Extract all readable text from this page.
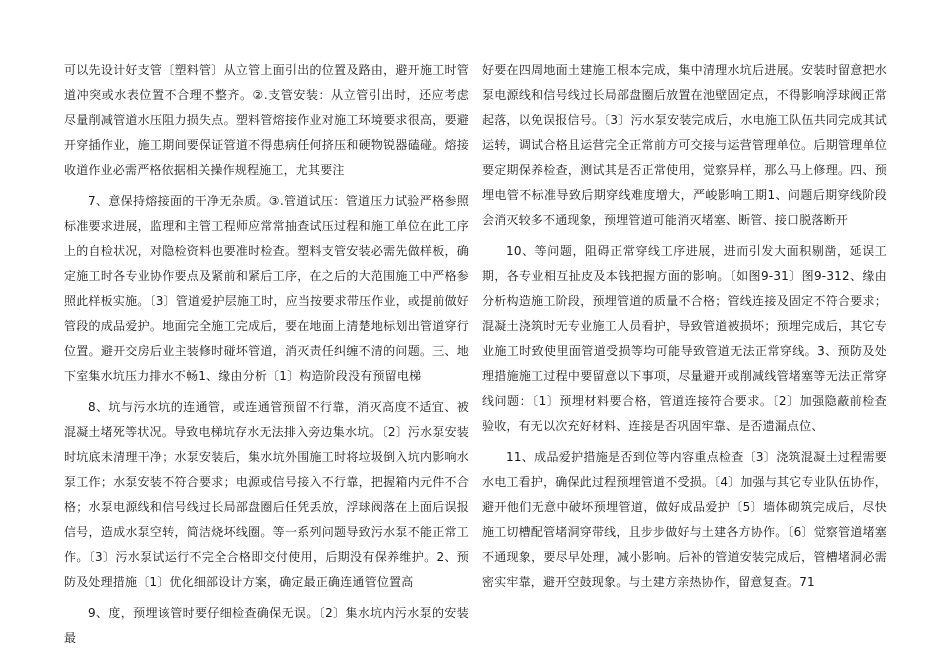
可以先设计好支管〔塑料管〕从立管上面引出的位置及路由，避开施工时管道冲突或水表位置不合理不整齐。②.支管安装：从立管引出时，还应考虑尽量削减管道水压阻力损失点。塑料管熔接作业对施工环境要求很高，要避开穿插作业，施工期间要保证管道不得患病任何挤压和硬物锐器磕碰。熔接收道作业必需严格依据相关操作规程施工，尤其要注

7、意保持熔接面的干净无杂质。③.管道试压：管道压力试验严格参照标准要求进展，监理和主管工程师应常常抽查试压过程和施工单位在此工序上的自检状况，对隐检资料也要准时检查。塑料支管安装必需先做样板，确定施工时各专业协作要点及紧前和紧后工序，在之后的大范围施工中严格参照此样板实施。〔3〕管道爱护层施工时，应当按要求带压作业，或提前做好管段的成品爱护。地面完全施工完成后，要在地面上清楚地标划出管道穿行位置。避开交房后业主装修时碰坏管道，消灭责任纠缠不清的问题。三、地下室集水坑压力排水不畅1、缘由分析〔1〕构造阶段没有预留电梯

8、坑与污水坑的连通管，或连通管预留不行靠，消灭高度不适宜、被混凝土堵死等状况。导致电梯坑存水无法排入旁边集水坑。〔2〕污水泵安装时坑底未清理干净；水泵安装后，集水坑外围施工时将垃圾倒入坑内影响水泵工作；水泵安装不符合要求；电源或信号接入不行靠，把握箱内元件不合格；水泵电源线和信号线过长局部盘圈后任凭丢放，浮球阀落在上面后误报信号，造成水泵空转，简洁烧坏线圈。等一系列问题导致污水泵不能正常工作。〔3〕污水泵试运行不完全合格即交付使用，后期没有保养维护。2、预防及处理措施〔1〕优化细部设计方案，确定最正确连通管位置高

9、度，预埋该管时要仔细检查确保无误。〔2〕集水坑内污水泵的安装最

好要在四周地面土建施工根本完成，集中清理水坑后进展。安装时留意把水泵电源线和信号线过长局部盘圈后放置在池壁固定点，不得影响浮球阀正常起落，以免误报信号。〔3〕污水泵安装完成后，水电施工队伍共同完成其试运转，调试合格且运营完全正常前方可交接与运营管理单位。后期管理单位要定期保养检查，测试其是否正常使用，觉察异样，那么马上修理。四、预埋电管不标准导致后期穿线难度增大，严峻影响工期1、问题后期穿线阶段会消灭较多不通现象，预埋管道可能消灭堵塞、断管、接口脱落断开

10、等问题，阻碍正常穿线工序进展，进而引发大面积剔凿，延误工期，各专业相互扯皮及本钱把握方面的影响。〔如图9-31〕图9-312、缘由分析构造施工阶段，预埋管道的质量不合格；管线连接及固定不符合要求；混凝土浇筑时无专业施工人员看护，导致管道被损坏；预埋完成后，其它专业施工时致使里面管道受损等均可能导致管道无法正常穿线。3、预防及处理措施施工过程中要留意以下事项，尽量避开或削减线管堵塞等无法正常穿线问题：〔1〕预埋材料要合格，管道连接符合要求。〔2〕加强隐蔽前检查验收，有无以次充好材料、连接是否巩固牢靠、是否遗漏点位、

11、成品爱护措施是否到位等内容重点检查〔3〕浇筑混凝土过程需要水电工看护，确保此过程预埋管道不受损。〔4〕加强与其它专业队伍协作，避开他们无意中破坏预埋管道，做好成品爱护〔5〕墙体砌筑完成后，尽快施工切槽配管堵洞穿带线，且步步做好与土建各方协作。〔6〕觉察管道堵塞不通现象，要尽早处理，减小影响。后补的管道安装完成后，管槽堵洞必需密实牢靠，避开空鼓现象。与土建方亲热协作，留意复查。71
